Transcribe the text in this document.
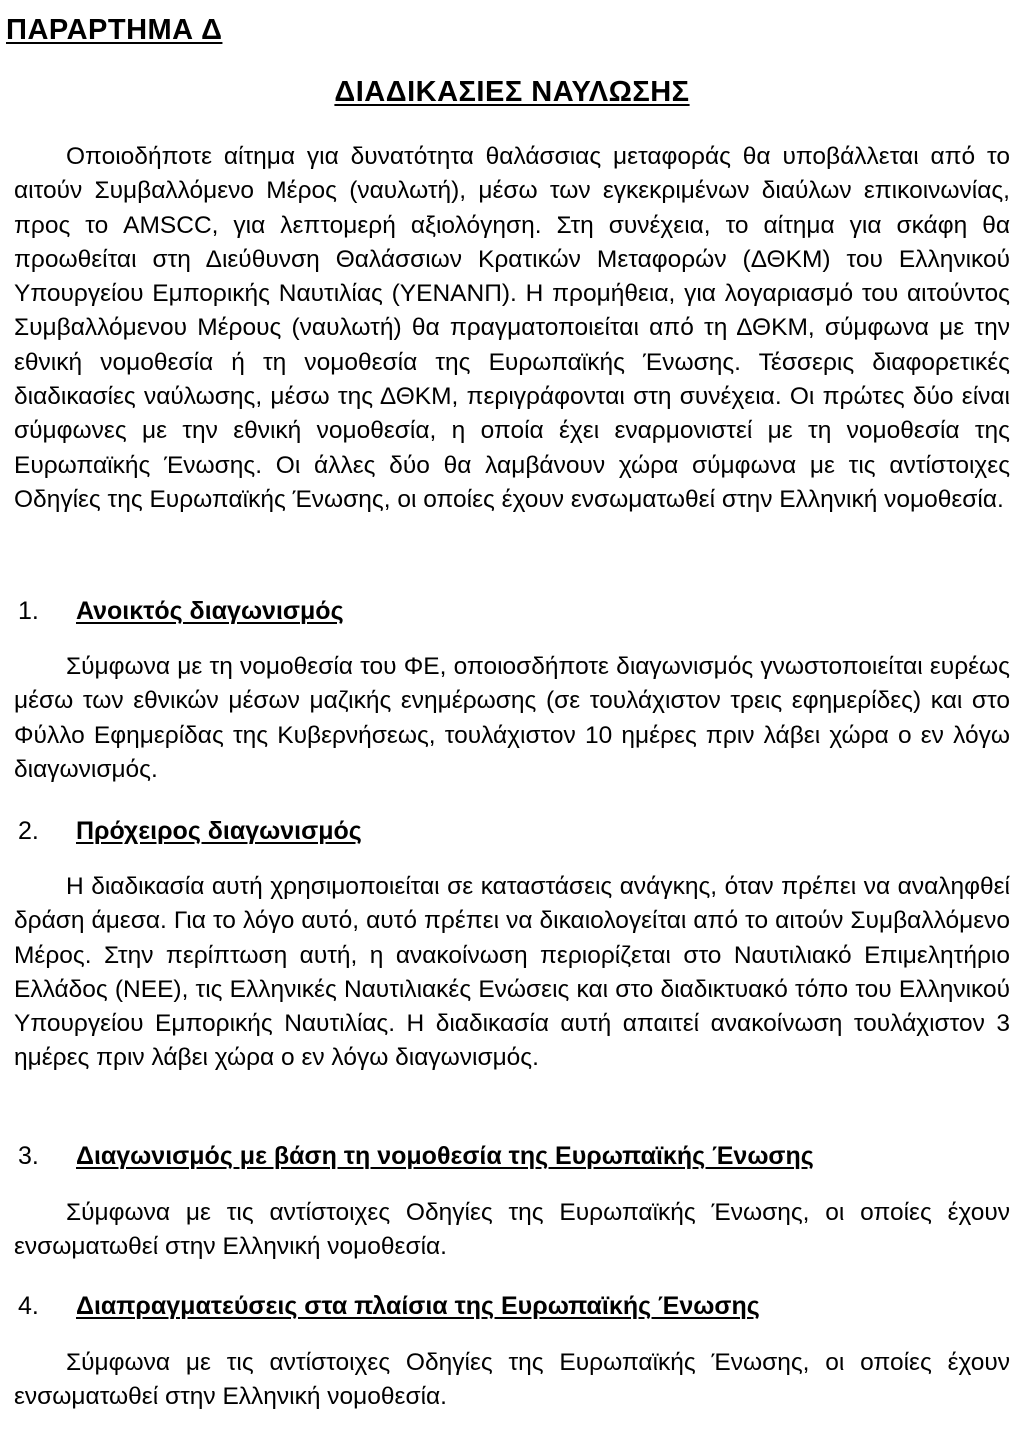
ΠΑΡΑΡΤΗΜΑ Δ
ΔΙΑΔΙΚΑΣΙΕΣ ΝΑΥΛΩΣΗΣ

Οποιοδήποτε αίτημα για δυνατότητα θαλάσσιας μεταφοράς θα υποβάλλεται από το αιτούν Συμβαλλόμενο Μέρος (ναυλωτή), μέσω των εγκεκριμένων διαύλων επικοινωνίας, προς το AMSCC, για λεπτομερή αξιολόγηση. Στη συνέχεια, το αίτημα για σκάφη θα προωθείται στη Διεύθυνση Θαλάσσιων Κρατικών Μεταφορών (ΔΘΚΜ) του Ελληνικού Υπουργείου Εμπορικής Ναυτιλίας (ΥΕΝΑΝΠ). Η προμήθεια, για λογαριασμό του αιτούντος Συμβαλλόμενου Μέρους (ναυλωτή) θα πραγματοποιείται από τη ΔΘΚΜ, σύμφωνα με την εθνική νομοθεσία ή τη νομοθεσία της Ευρωπαϊκής Ένωσης. Τέσσερις διαφορετικές διαδικασίες ναύλωσης, μέσω της ΔΘΚΜ, περιγράφονται στη συνέχεια. Οι πρώτες δύο είναι σύμφωνες με την εθνική νομοθεσία, η οποία έχει εναρμονιστεί με τη νομοθεσία της Ευρωπαϊκής Ένωσης. Οι άλλες δύο θα λαμβάνουν χώρα σύμφωνα με τις αντίστοιχες Οδηγίες της Ευρωπαϊκής Ένωσης, οι οποίες έχουν ενσωματωθεί στην Ελληνική νομοθεσία.

1. Ανοικτός διαγωνισμός

Σύμφωνα με τη νομοθεσία του ΦΕ, οποιοσδήποτε διαγωνισμός γνωστοποιείται ευρέως μέσω των εθνικών μέσων μαζικής ενημέρωσης (σε τουλάχιστον τρεις εφημερίδες) και στο Φύλλο Εφημερίδας της Κυβερνήσεως, τουλάχιστον 10 ημέρες πριν λάβει χώρα ο εν λόγω διαγωνισμός.

2. Πρόχειρος διαγωνισμός

Η διαδικασία αυτή χρησιμοποιείται σε καταστάσεις ανάγκης, όταν πρέπει να αναληφθεί δράση άμεσα. Για το λόγο αυτό, αυτό πρέπει να δικαιολογείται από το αιτούν Συμβαλλόμενο Μέρος. Στην περίπτωση αυτή, η ανακοίνωση περιορίζεται στο Ναυτιλιακό Επιμελητήριο Ελλάδος (ΝΕΕ), τις Ελληνικές Ναυτιλιακές Ενώσεις και στο διαδικτυακό τόπο του Ελληνικού Υπουργείου Εμπορικής Ναυτιλίας. Η διαδικασία αυτή απαιτεί ανακοίνωση τουλάχιστον 3 ημέρες πριν λάβει χώρα ο εν λόγω διαγωνισμός.

3. Διαγωνισμός με βάση τη νομοθεσία της Ευρωπαϊκής Ένωσης

Σύμφωνα με τις αντίστοιχες Οδηγίες της Ευρωπαϊκής Ένωσης, οι οποίες έχουν ενσωματωθεί στην Ελληνική νομοθεσία.

4. Διαπραγματεύσεις στα πλαίσια της Ευρωπαϊκής Ένωσης

Σύμφωνα με τις αντίστοιχες Οδηγίες της Ευρωπαϊκής Ένωσης, οι οποίες έχουν ενσωματωθεί στην Ελληνική νομοθεσία.
